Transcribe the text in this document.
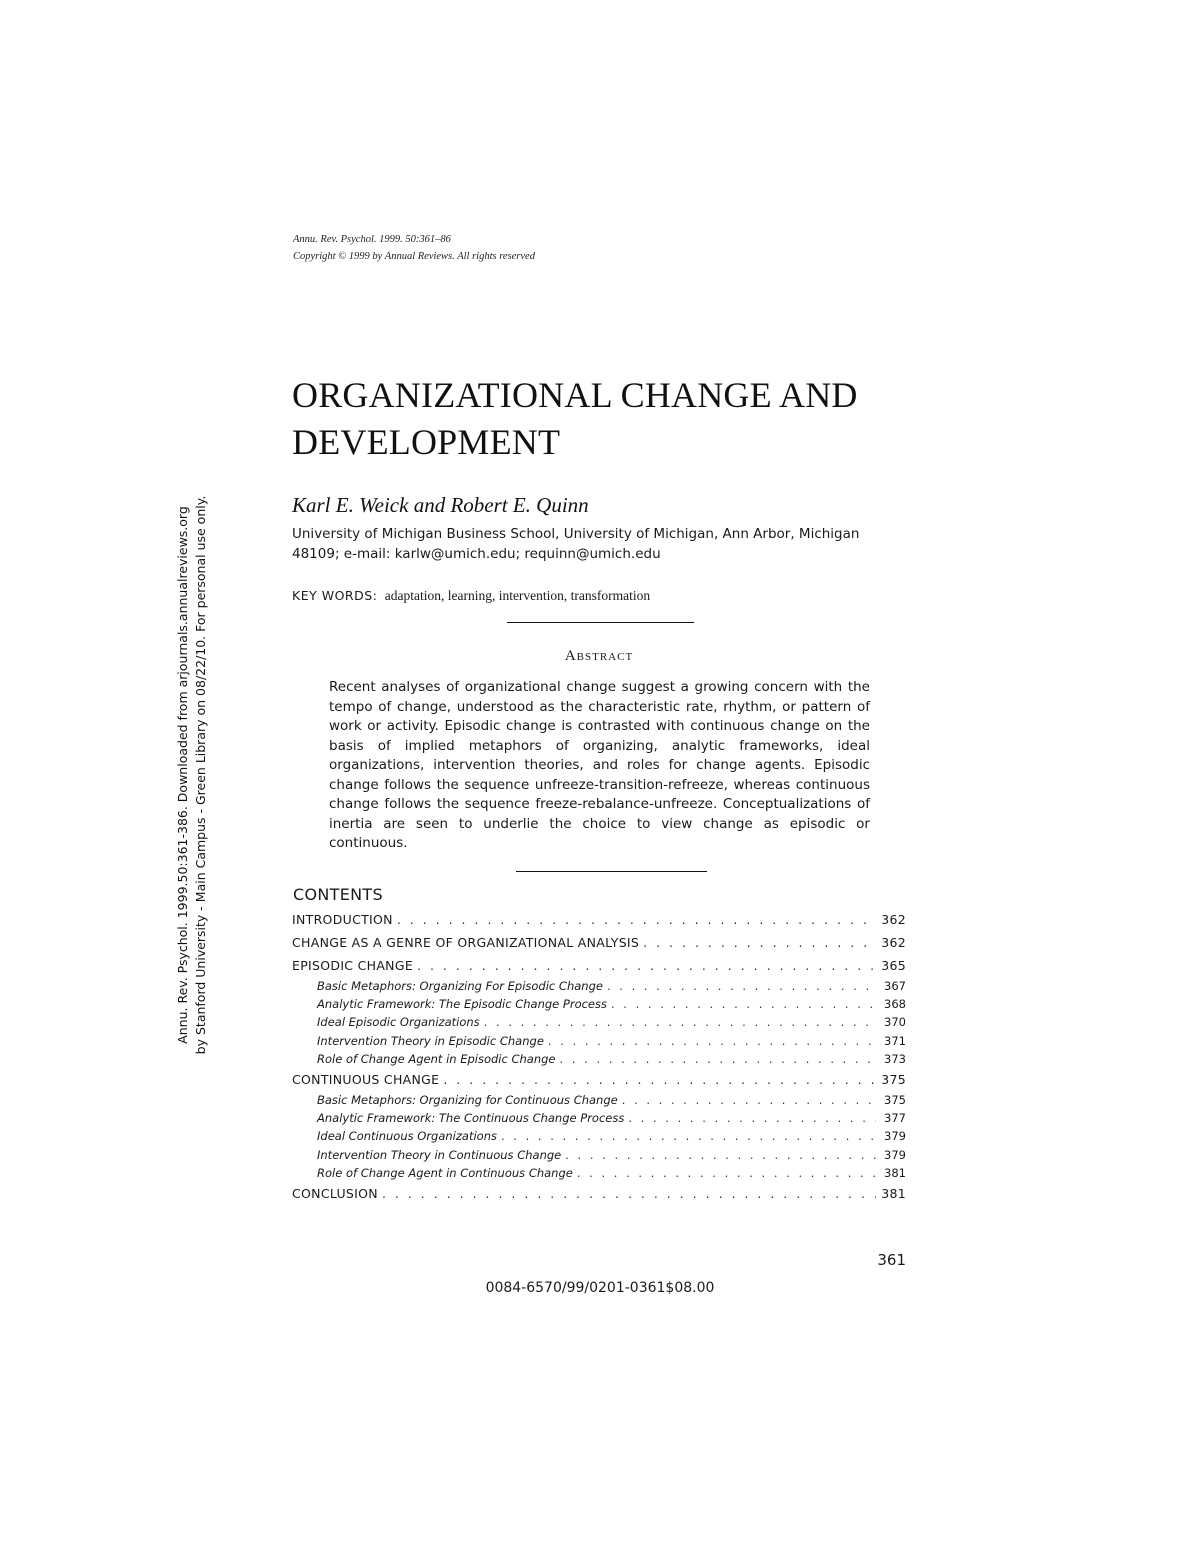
Annu. Rev. Psychol. 1999. 50:361–86
Copyright © 1999 by Annual Reviews. All rights reserved
ORGANIZATIONAL CHANGE AND DEVELOPMENT
Karl E. Weick and Robert E. Quinn
University of Michigan Business School, University of Michigan, Ann Arbor, Michigan 48109; e-mail: karlw@umich.edu; requinn@umich.edu
KEY WORDS: adaptation, learning, intervention, transformation
Abstract

Recent analyses of organizational change suggest a growing concern with the tempo of change, understood as the characteristic rate, rhythm, or pattern of work or activity. Episodic change is contrasted with continuous change on the basis of implied metaphors of organizing, analytic frameworks, ideal organizations, intervention theories, and roles for change agents. Episodic change follows the sequence unfreeze-transition-refreeze, whereas continuous change follows the sequence freeze-rebalance-unfreeze. Conceptualizations of inertia are seen to underlie the choice to view change as episodic or continuous.

CONTENTS
INTRODUCTION . . .	362
CHANGE AS A GENRE OF ORGANIZATIONAL ANALYSIS . . .	362
EPISODIC CHANGE . . .	365
Basic Metaphors: Organizing For Episodic Change . . .	367
Analytic Framework: The Episodic Change Process . . .	368
Ideal Episodic Organizations . . .	370
Intervention Theory in Episodic Change . . .	371
Role of Change Agent in Episodic Change . . .	373
CONTINUOUS CHANGE . . .	375
Basic Metaphors: Organizing for Continuous Change . . .	375
Analytic Framework: The Continuous Change Process . . .	377
Ideal Continuous Organizations . . .	379
Intervention Theory in Continuous Change . . .	379
Role of Change Agent in Continuous Change . . .	381
CONCLUSION . . .	381
361
0084-6570/99/0201-0361$08.00
Annu. Rev. Psychol. 1999.50:361-386. Downloaded from arjournals.annualreviews.org by Stanford University - Main Campus - Green Library on 08/22/10. For personal use only.
